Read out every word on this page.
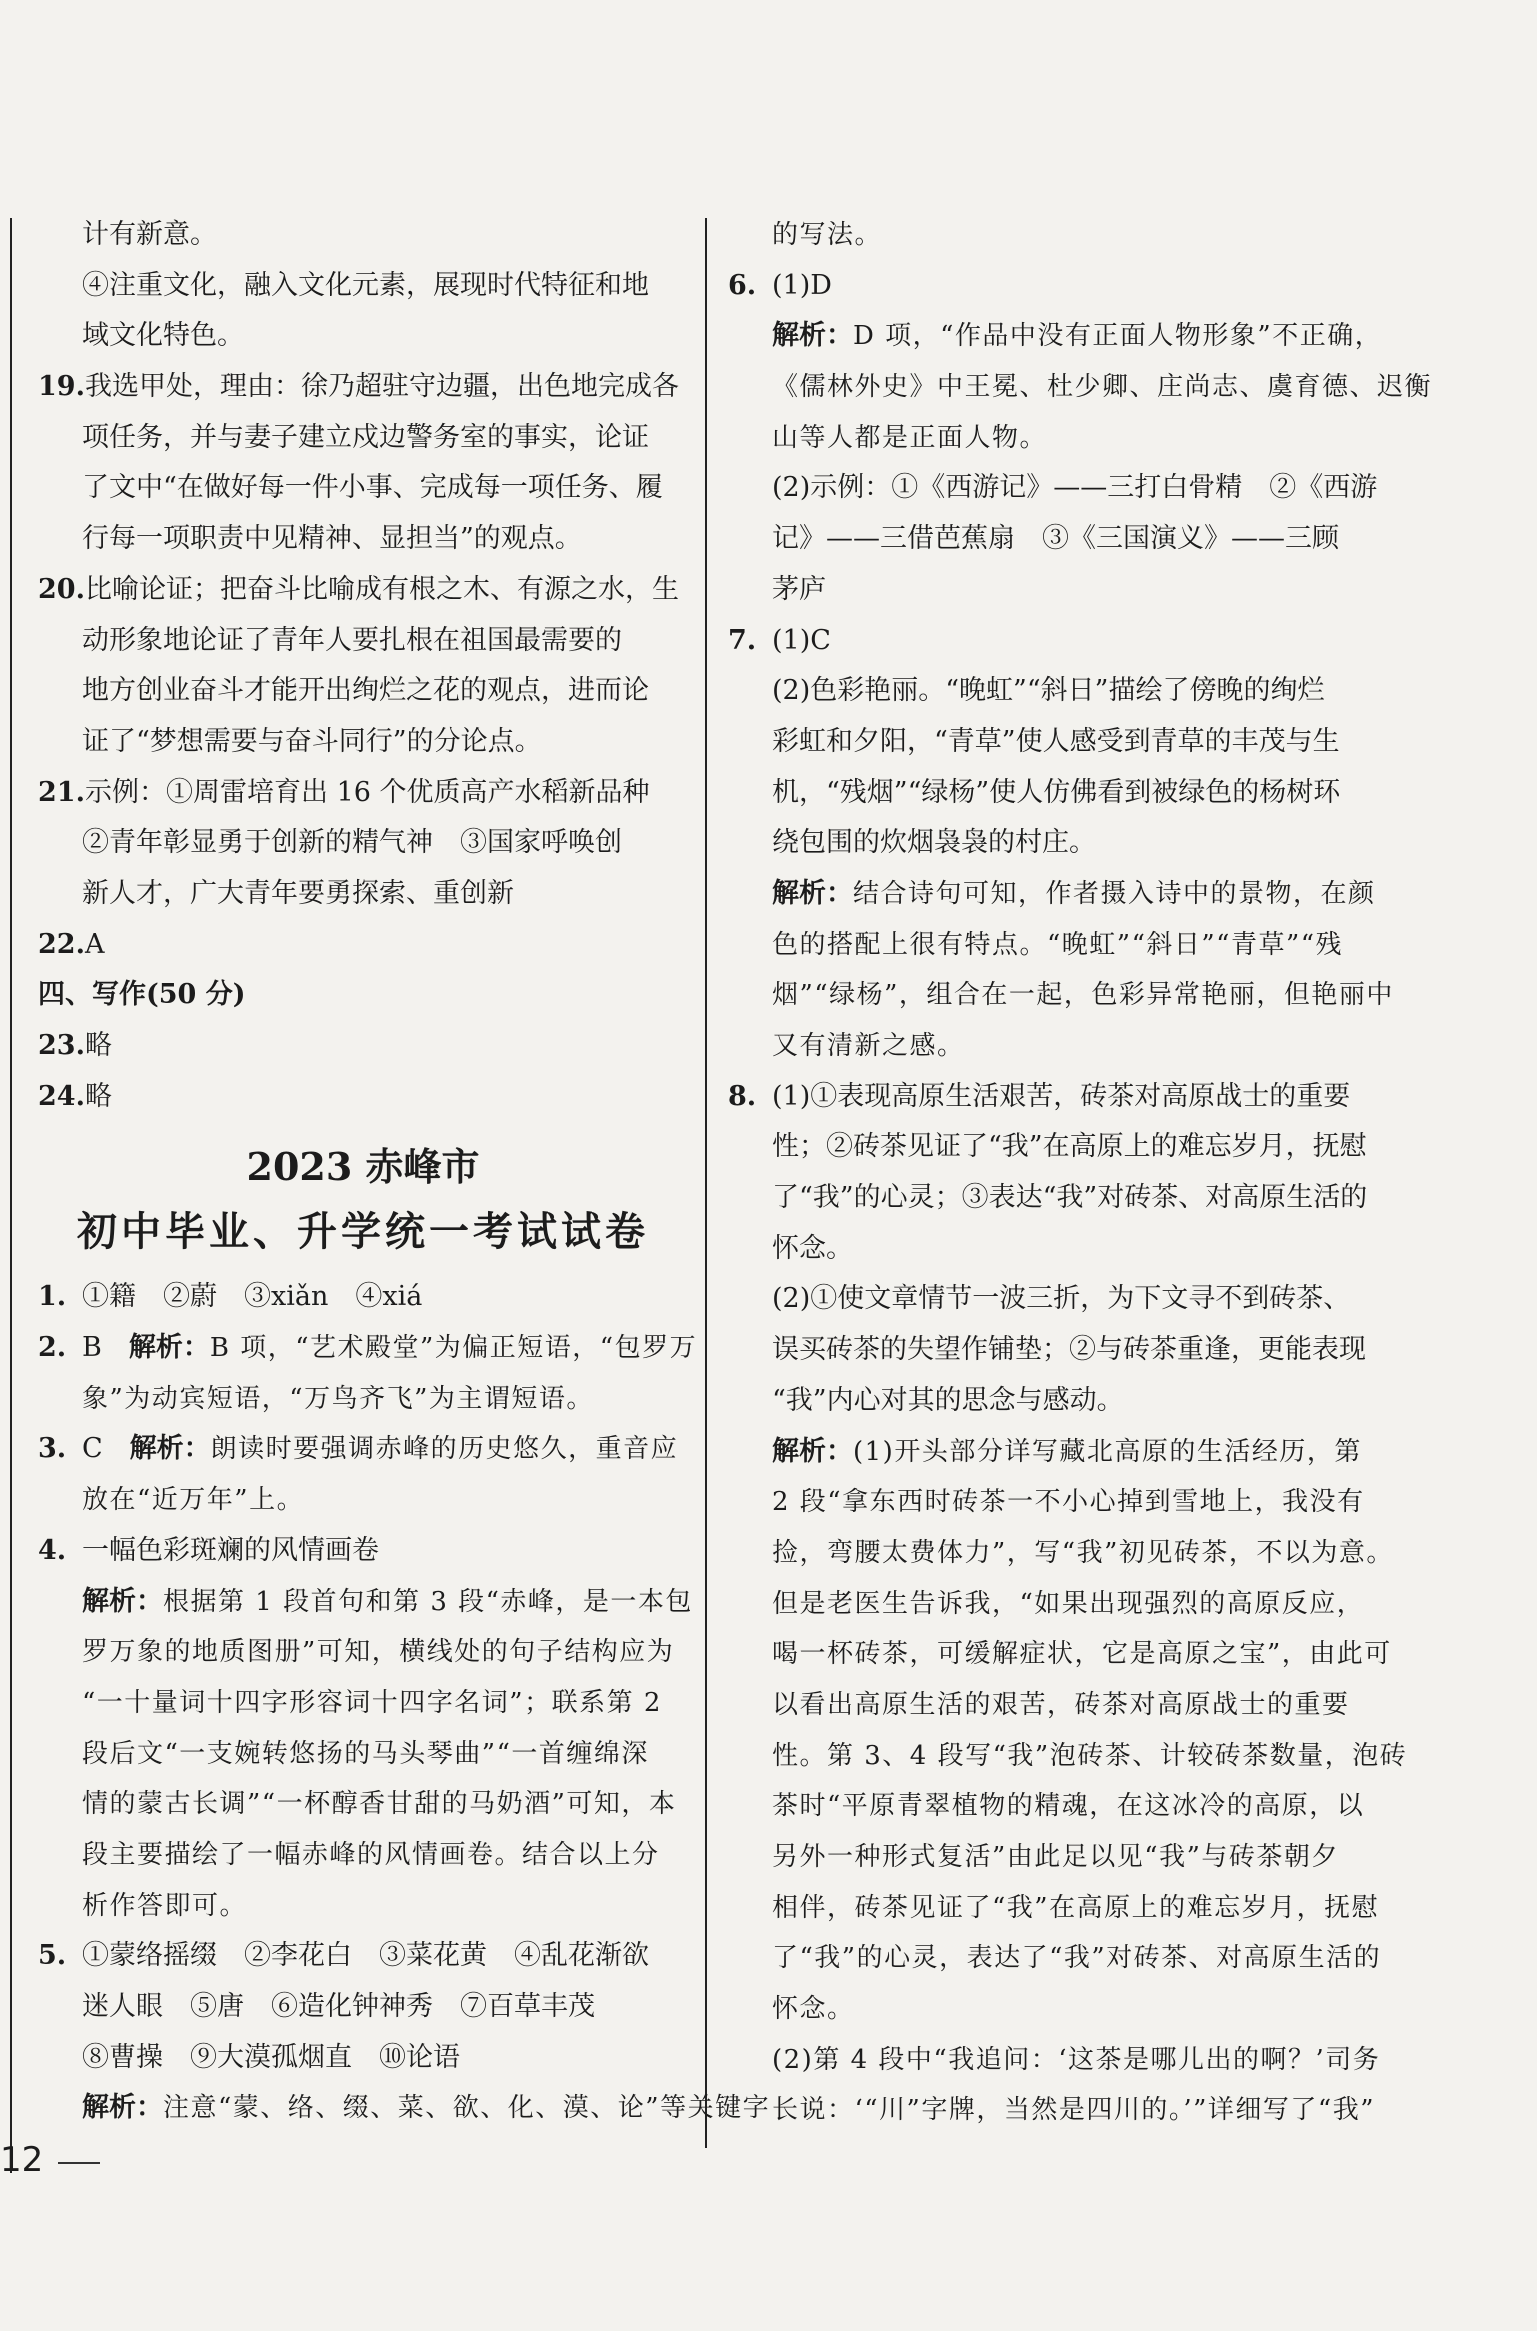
计有新意。
④注重文化，融入文化元素，展现时代特征和地
域文化特色。
19.我选甲处，理由：徐乃超驻守边疆，出色地完成各
项任务，并与妻子建立戍边警务室的事实，论证
了文中“在做好每一件小事、完成每一项任务、履
行每一项职责中见精神、显担当”的观点。
20.比喻论证；把奋斗比喻成有根之木、有源之水，生
动形象地论证了青年人要扎根在祖国最需要的
地方创业奋斗才能开出绚烂之花的观点，进而论
证了“梦想需要与奋斗同行”的分论点。
21.示例：①周雷培育出 16 个优质高产水稻新品种
②青年彰显勇于创新的精气神　③国家呼唤创
新人才，广大青年要勇探索、重创新
22.A
四、写作(50 分)
23.略
24.略
2023 赤峰市
初中毕业、升学统一考试试卷
1. ①籍　②蔚　③xiǎn　④xiá
2. B　解析：B 项，“艺术殿堂”为偏正短语，“包罗万
象”为动宾短语，“万鸟齐飞”为主谓短语。
3. C　解析：朗读时要强调赤峰的历史悠久，重音应
放在“近万年”上。
4. 一幅色彩斑斓的风情画卷
解析：根据第 1 段首句和第 3 段“赤峰，是一本包
罗万象的地质图册”可知，横线处的句子结构应为
“一十量词十四字形容词十四字名词”；联系第 2
段后文“一支婉转悠扬的马头琴曲”“一首缠绵深
情的蒙古长调”“一杯醇香甘甜的马奶酒”可知，本
段主要描绘了一幅赤峰的风情画卷。结合以上分
析作答即可。
5. ①蒙络摇缀　②李花白　③菜花黄　④乱花渐欲
迷人眼　⑤唐　⑥造化钟神秀　⑦百草丰茂
⑧曹操　⑨大漠孤烟直　⑩论语
解析：注意“蒙、络、缀、菜、欲、化、漠、论”等关键字
的写法。
6. (1)D
解析：D 项，“作品中没有正面人物形象”不正确，
《儒林外史》中王冕、杜少卿、庄尚志、虞育德、迟衡
山等人都是正面人物。
(2)示例：①《西游记》——三打白骨精　②《西游
记》——三借芭蕉扇　③《三国演义》——三顾
茅庐
7. (1)C
(2)色彩艳丽。“晚虹”“斜日”描绘了傍晚的绚烂
彩虹和夕阳，“青草”使人感受到青草的丰茂与生
机，“残烟”“绿杨”使人仿佛看到被绿色的杨树环
绕包围的炊烟袅袅的村庄。
解析：结合诗句可知，作者摄入诗中的景物，在颜
色的搭配上很有特点。“晚虹”“斜日”“青草”“残
烟”“绿杨”，组合在一起，色彩异常艳丽，但艳丽中
又有清新之感。
8. (1)①表现高原生活艰苦，砖茶对高原战士的重要
性；②砖茶见证了“我”在高原上的难忘岁月，抚慰
了“我”的心灵；③表达“我”对砖茶、对高原生活的
怀念。
(2)①使文章情节一波三折，为下文寻不到砖茶、
误买砖茶的失望作铺垫；②与砖茶重逢，更能表现
“我”内心对其的思念与感动。
解析：(1)开头部分详写藏北高原的生活经历，第
2 段“拿东西时砖茶一不小心掉到雪地上，我没有
捡，弯腰太费体力”，写“我”初见砖茶，不以为意。
但是老医生告诉我，“如果出现强烈的高原反应，
喝一杯砖茶，可缓解症状，它是高原之宝”，由此可
以看出高原生活的艰苦，砖茶对高原战士的重要
性。第 3、4 段写“我”泡砖茶、计较砖茶数量，泡砖
茶时“平原青翠植物的精魂，在这冰冷的高原，以
另外一种形式复活”由此足以见“我”与砖茶朝夕
相伴，砖茶见证了“我”在高原上的难忘岁月，抚慰
了“我”的心灵，表达了“我”对砖茶、对高原生活的
怀念。
(2)第 4 段中“我追问：‘这茶是哪儿出的啊？’司务
长说：‘“川”字牌，当然是四川的。’”详细写了“我”
12
